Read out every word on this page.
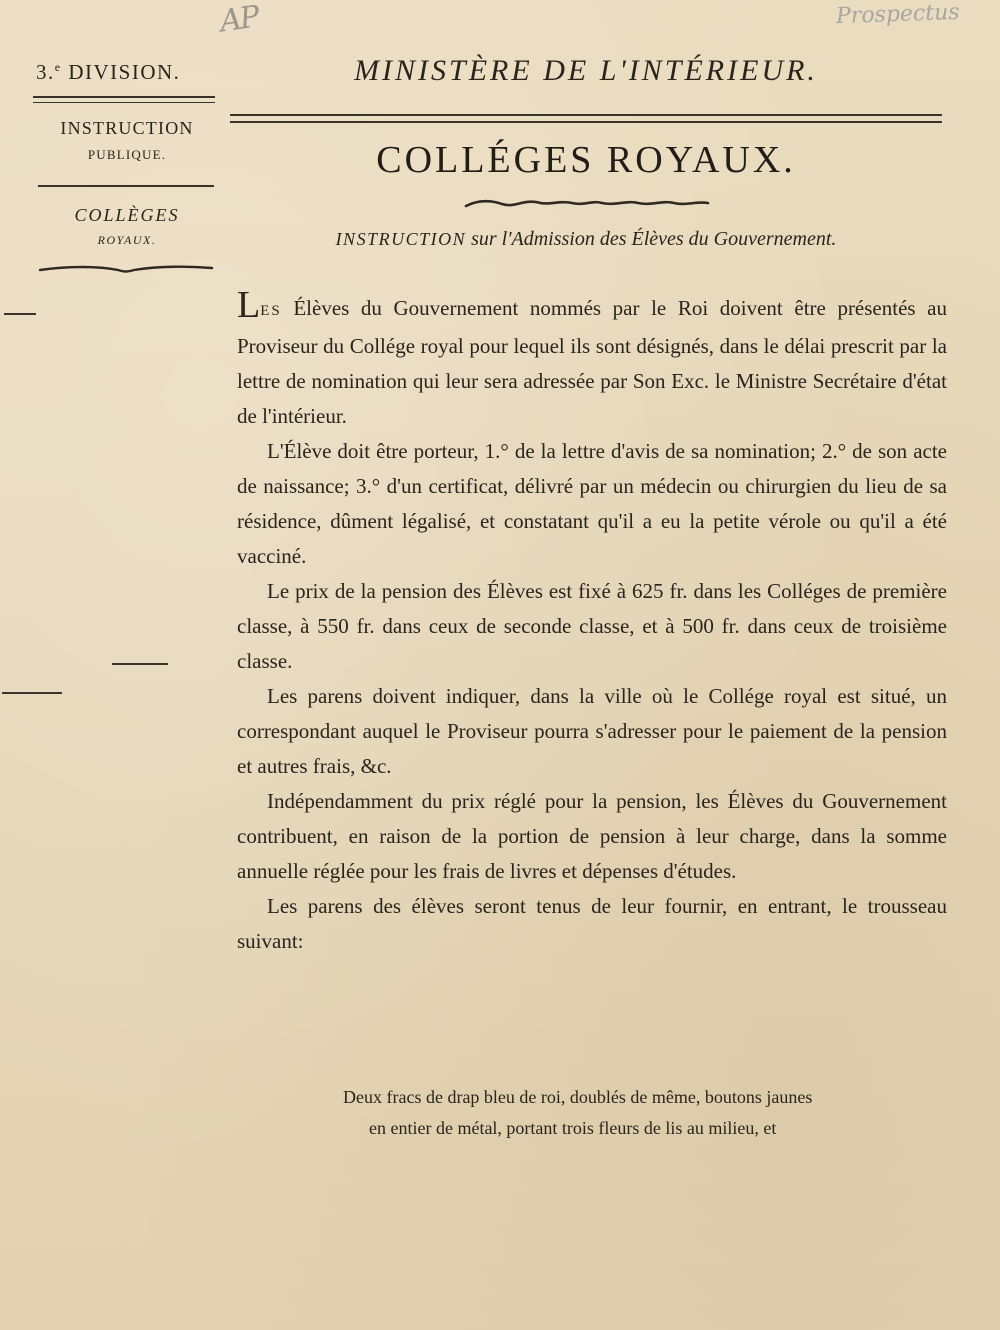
Prospectus
AP
3.$^e$ DIVISION.
INSTRUCTION
PUBLIQUE.
COLLÈGES
ROYAUX.
MINISTÈRE DE L'INTÉRIEUR.
COLLÉGES ROYAUX.
INSTRUCTION sur l'Admission des Élèves du Gouvernement.

LES Élèves du Gouvernement nommés par le Roi doivent être présentés au Proviseur du Collége royal pour lequel ils sont désignés, dans le délai prescrit par la lettre de nomination qui leur sera adressée par Son Exc. le Ministre Secrétaire d'état de l'intérieur.

L'Élève doit être porteur, 1.° de la lettre d'avis de sa nomination; 2.° de son acte de naissance; 3.° d'un certificat, délivré par un médecin ou chirurgien du lieu de sa résidence, dûment légalisé, et constatant qu'il a eu la petite vérole ou qu'il a été vacciné.

Le prix de la pension des Élèves est fixé à 625 fr. dans les Colléges de première classe, à 550 fr. dans ceux de seconde classe, et à 500 fr. dans ceux de troisième classe.

Les parens doivent indiquer, dans la ville où le Collége royal est situé, un correspondant auquel le Proviseur pourra s'adresser pour le paiement de la pension et autres frais, &c.

Indépendamment du prix réglé pour la pension, les Élèves du Gouvernement contribuent, en raison de la portion de pension à leur charge, dans la somme annuelle réglée pour les frais de livres et dépenses d'études.

Les parens des élèves seront tenus de leur fournir, en entrant, le trousseau suivant:

Deux fracs de drap bleu de roi, doublés de même, boutons jaunes

en entier de métal, portant trois fleurs de lis au milieu, et
